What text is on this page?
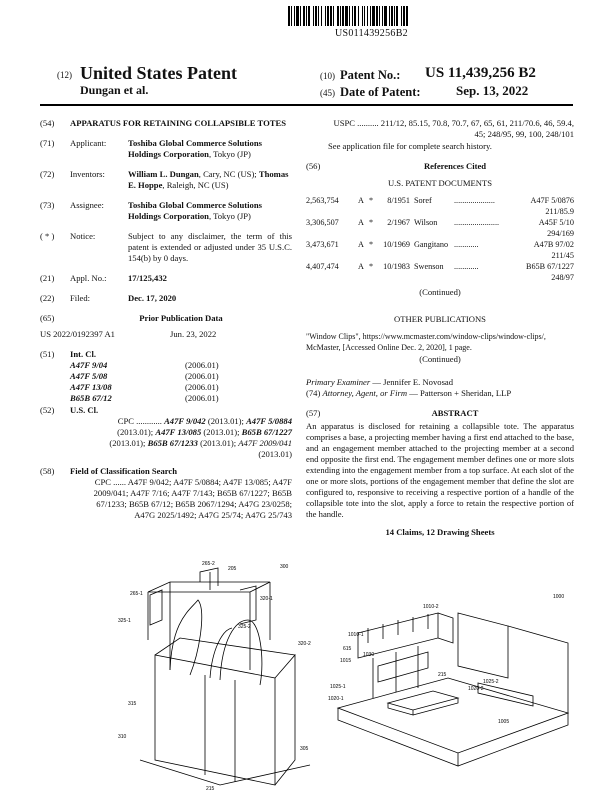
US011439256B2
(12) United States Patent
Dungan et al.
(10) Patent No.: US 11,439,256 B2
(45) Date of Patent:	Sep. 13, 2022
(54)	APPARATUS FOR RETAINING COLLAPSIBLE TOTES
(71)	Applicant:	Toshiba Global Commerce Solutions Holdings Corporation, Tokyo (JP)
(72)	Inventors:	William L. Dungan, Cary, NC (US); Thomas E. Hoppe, Raleigh, NC (US)
(73)	Assignee:	Toshiba Global Commerce Solutions Holdings Corporation, Tokyo (JP)
( * )	Notice:	Subject to any disclaimer, the term of this patent is extended or adjusted under 35 U.S.C. 154(b) by 0 days.
(21)	Appl. No.:	17/125,432
(22)	Filed:	Dec. 17, 2020
(65)	Prior Publication Data
US 2022/0192397 A1	Jun. 23, 2022
(51)	Int. Cl.
A47F 9/04	(2006.01)
A47F 5/08	(2006.01)
A47F 13/08	(2006.01)
B65B 67/12	(2006.01)
(52)	U.S. Cl.
CPC ............ A47F 9/042 (2013.01); A47F 5/0884 (2013.01); A47F 13/085 (2013.01); B65B 67/1227 (2013.01); B65B 67/1233 (2013.01); A47F 2009/041 (2013.01)
(58)	Field of Classification Search
CPC ...... A47F 9/042; A47F 5/0884; A47F 13/085; A47F 2009/041; A47F 7/16; A47F 7/143; B65B 67/1227; B65B 67/1233; B65B 67/12; B65B 2067/1294; A47G 23/0258; A47G 2025/1492; A47G 25/74; A47G 25/743
USPC .......... 211/12, 85.15, 70.8, 70.7, 67, 65, 61, 211/70.6, 46, 59.4, 45; 248/95, 99, 100, 248/101
See application file for complete search history.
(56)	References Cited
U.S. PATENT DOCUMENTS
2,563,754	A	*	8/1951	Soref	....................	A47F 5/0876
211/85.9						
3,306,507	A	*	2/1967	Wilson	......................	A45F 5/10
294/169						
3,473,671	A	*	10/1969	Gangitano	............	A47B 97/02
211/45						
4,407,474	A	*	10/1983	Swenson	............	B65B 67/1227
248/97						
(Continued)
OTHER PUBLICATIONS
"Window Clips", https://www.mcmaster.com/window-clips/window-clips/, McMaster, [Accessed Online Dec. 2, 2020], 1 page.
(Continued)
Primary Examiner — Jennifer E. Novosad
(74) Attorney, Agent, or Firm — Patterson + Sheridan, LLP
(57)	ABSTRACT
An apparatus is disclosed for retaining a collapsible tote. The apparatus comprises a base, a projecting member having a first end attached to the base, and an engagement member attached to the projecting member at a second end opposite the first end. The engagement member defines one or more slots extending into the engagement member from a top surface. At each slot of the one or more slots, portions of the engagement member that define the slot are configured to, responsive to receiving a respective portion of a handle of the collapsible tote into the slot, apply a force to retain the respective portion of the handle.
14 Claims, 12 Drawing Sheets
300
265-2
205
265-1
320-1
325-1
325-2
320-2
315
310
305
215
1000
1010-2
1010-1
615
1030
1015
1025-2
1025-1
215
1020-2
1020-1
1005
